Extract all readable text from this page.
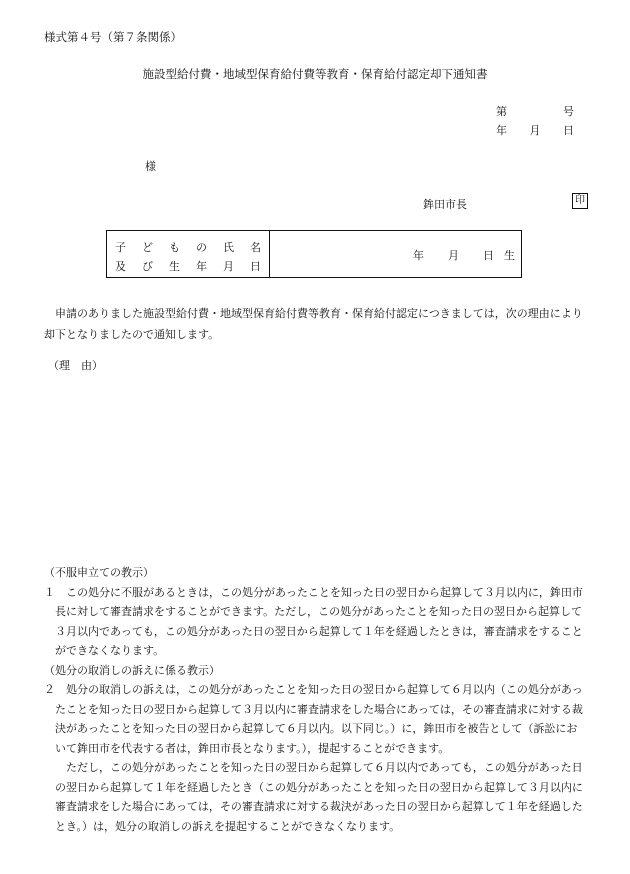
様式第４号（第７条関係）
施設型給付費・地域型保育給付費等教育・保育給付認定却下通知書
第	号
年 月 日
様
鉾田市長	印
子 ど も の 氏 名
及 び 生 年 月 日
年 月 日 生
申請のありました施設型給付費・地域型保育給付費等教育・保育給付認定につきましては，次の理由により却下となりましたので通知します。
（理　由）

（不服申立ての教示）

１　この処分に不服があるときは，この処分があったことを知った日の翌日から起算して３月以内に，鉾田市長に対して審査請求をすることができます。ただし，この処分があったことを知った日の翌日から起算して３月以内であっても，この処分があった日の翌日から起算して１年を経過したときは，審査請求をすることができなくなります。

（処分の取消しの訴えに係る教示）

２　処分の取消しの訴えは，この処分があったことを知った日の翌日から起算して６月以内（この処分があったことを知った日の翌日から起算して３月以内に審査請求をした場合にあっては，その審査請求に対する裁決があったことを知った日の翌日から起算して６月以内。以下同じ。）に，鉾田市を被告として（訴訟において鉾田市を代表する者は，鉾田市長となります。），提起することができます。

ただし，この処分があったことを知った日の翌日から起算して６月以内であっても，この処分があった日の翌日から起算して１年を経過したとき（この処分があったことを知った日の翌日から起算して３月以内に審査請求をした場合にあっては，その審査請求に対する裁決があった日の翌日から起算して１年を経過したとき。）は，処分の取消しの訴えを提起することができなくなります。
